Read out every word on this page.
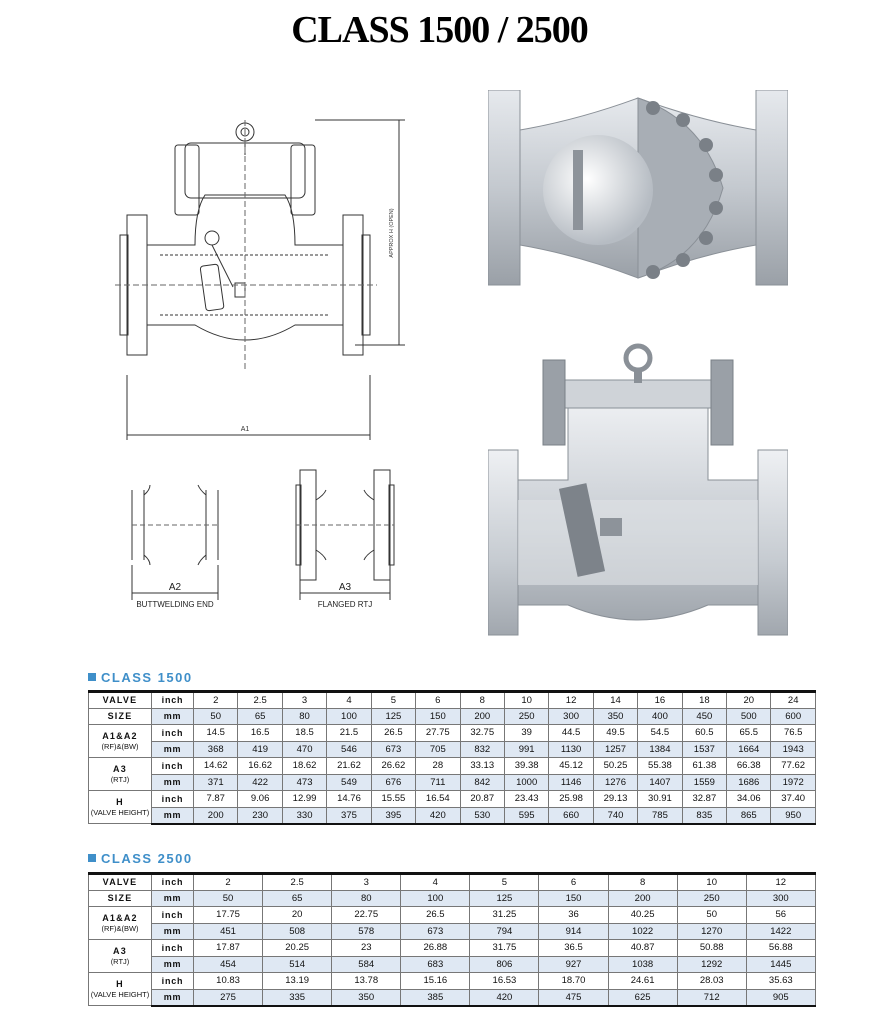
CLASS 1500 / 2500
A1
APPROX H (OPEN)
A2
BUTTWELDING END
A3
FLANGED RTJ
CLASS 1500
VALVE	inch	2	2.5	3	4	5	6	8	10	12	14	16	18	20	24
SIZE	mm	50	65	80	100	125	150	200	250	300	350	400	450	500	600
A1&A2
(RF)&(BW)	inch	14.5	16.5	18.5	21.5	26.5	27.75	32.75	39	44.5	49.5	54.5	60.5	65.5	76.5
	mm	368	419	470	546	673	705	832	991	1130	1257	1384	1537	1664	1943
A3
(RTJ)	inch	14.62	16.62	18.62	21.62	26.62	28	33.13	39.38	45.12	50.25	55.38	61.38	66.38	77.62
	mm	371	422	473	549	676	711	842	1000	1146	1276	1407	1559	1686	1972
H
(VALVE HEIGHT)	inch	7.87	9.06	12.99	14.76	15.55	16.54	20.87	23.43	25.98	29.13	30.91	32.87	34.06	37.40
	mm	200	230	330	375	395	420	530	595	660	740	785	835	865	950
CLASS 2500
VALVE	inch	2	2.5	3	4	5	6	8	10	12
SIZE	mm	50	65	80	100	125	150	200	250	300
A1&A2
(RF)&(BW)	inch	17.75	20	22.75	26.5	31.25	36	40.25	50	56
	mm	451	508	578	673	794	914	1022	1270	1422
A3
(RTJ)	inch	17.87	20.25	23	26.88	31.75	36.5	40.87	50.88	56.88
	mm	454	514	584	683	806	927	1038	1292	1445
H
(VALVE HEIGHT)	inch	10.83	13.19	13.78	15.16	16.53	18.70	24.61	28.03	35.63
	mm	275	335	350	385	420	475	625	712	905
